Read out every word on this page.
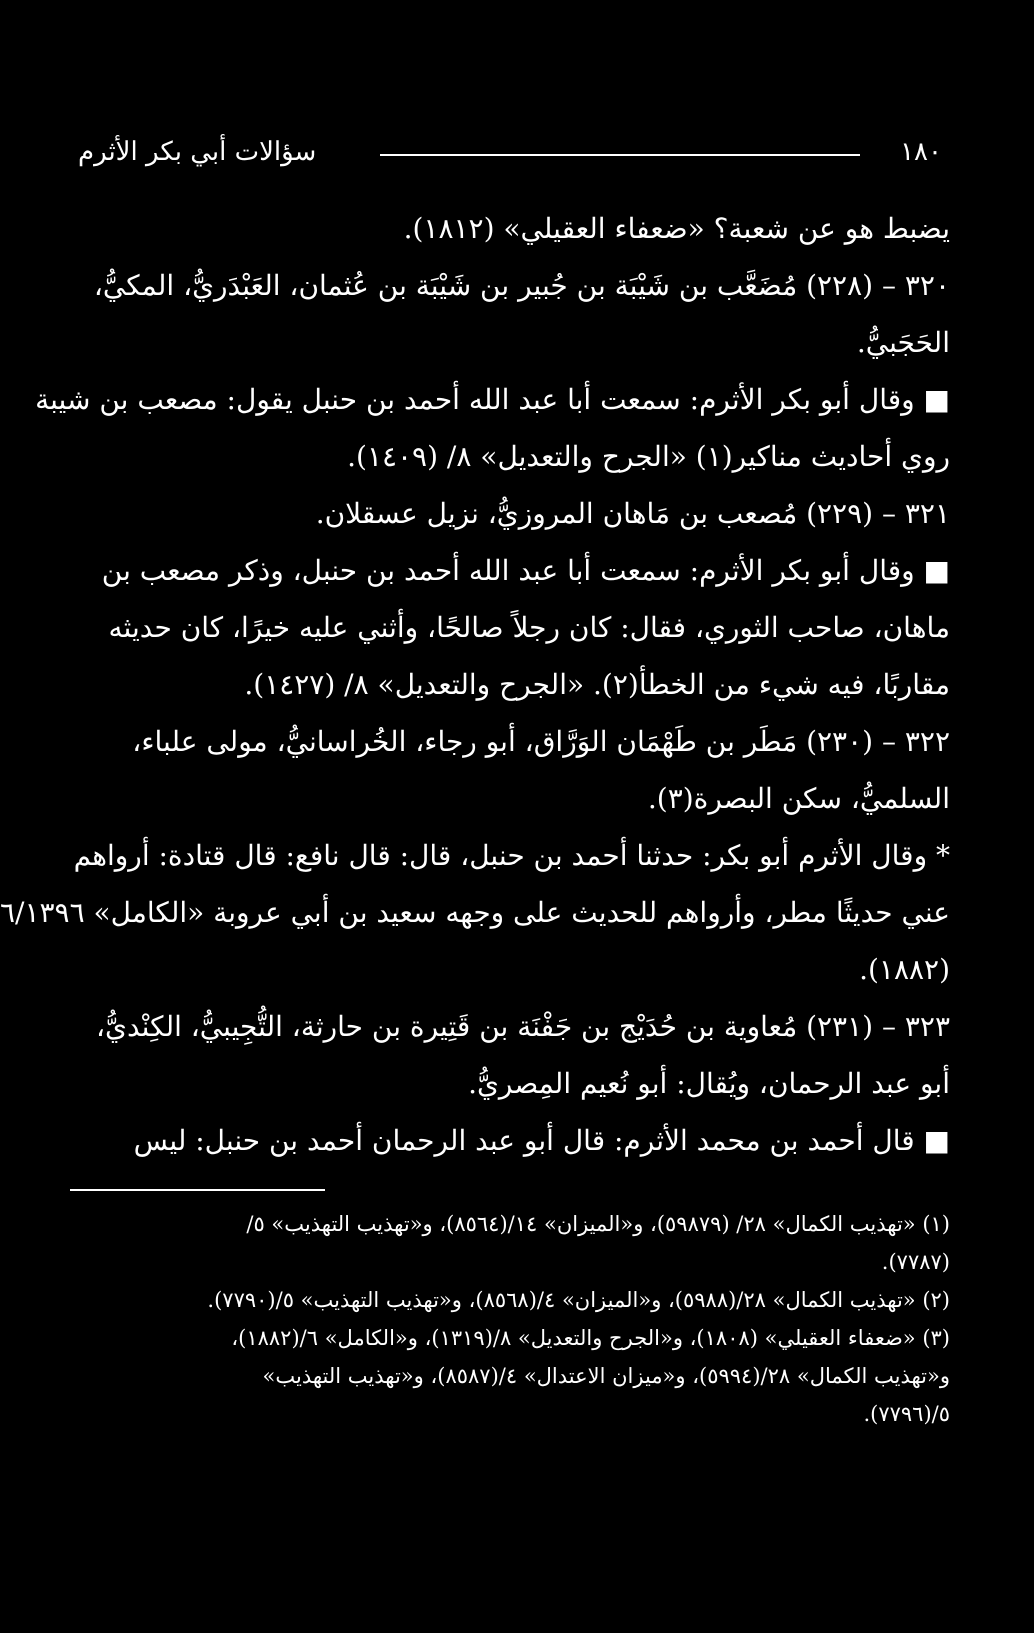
١٨٠
سؤالات أبي بكر الأثرم
يضبط هو عن شعبة؟ «ضعفاء العقيلي» (١٨١٢).
٣٢٠ – (٢٢٨) مُضَعَّب بن شَيْبَة بن جُبير بن شَيْبَة بن عُثمان، العَبْدَريُّ، المكيُّ،
الحَجَبيُّ.
■ وقال أبو بكر الأثرم: سمعت أبا عبد الله أحمد بن حنبل يقول: مصعب بن شيبة
روي أحاديث مناكير(١) «الجرح والتعديل» ٨/ (١٤٠٩).
٣٢١ – (٢٢٩) مُصعب بن مَاهان المروزيُّ، نزيل عسقلان.
■ وقال أبو بكر الأثرم: سمعت أبا عبد الله أحمد بن حنبل، وذكر مصعب بن
ماهان، صاحب الثوري، فقال: كان رجلاً صالحًا، وأثني عليه خيرًا، كان حديثه
مقاربًا، فيه شيء من الخطأ(٢). «الجرح والتعديل» ٨/ (١٤٢٧).
٣٢٢ – (٢٣٠) مَطَر بن طَهْمَان الوَرَّاق، أبو رجاء، الخُراسانيُّ، مولى علباء،
السلميُّ، سكن البصرة(٣).
* وقال الأثرم أبو بكر: حدثنا أحمد بن حنبل، قال: قال نافع: قال قتادة: أرواهم
عني حديثًا مطر، وأرواهم للحديث على وجهه سعيد بن أبي عروبة «الكامل» ٦/١٣٩٦
(١٨٨٢).
٣٢٣ – (٢٣١) مُعاوية بن حُدَيْج بن جَفْنَة بن قَتِيرة بن حارثة، التُّجِيبيُّ، الكِنْديُّ،
أبو عبد الرحمان، ويُقال: أبو نُعيم المِصريُّ.
■ قال أحمد بن محمد الأثرم: قال أبو عبد الرحمان أحمد بن حنبل: ليس
(١) «تهذيب الكمال» ٢٨/ (٥٩٨٧٩)، و«الميزان» ١٤/(٨٥٦٤)، و«تهذيب التهذيب» ٥/
(٧٧٨٧).
(٢) «تهذيب الكمال» ٢٨/(٥٩٨٨)، و«الميزان» ٤/(٨٥٦٨)، و«تهذيب التهذيب» ٥/(٧٧٩٠).
(٣) «ضعفاء العقيلي» (١٨٠٨)، و«الجرح والتعديل» ٨/(١٣١٩)، و«الكامل» ٦/(١٨٨٢)،
و«تهذيب الكمال» ٢٨/(٥٩٩٤)، و«ميزان الاعتدال» ٤/(٨٥٨٧)، و«تهذيب التهذيب»
٥/(٧٧٩٦).
